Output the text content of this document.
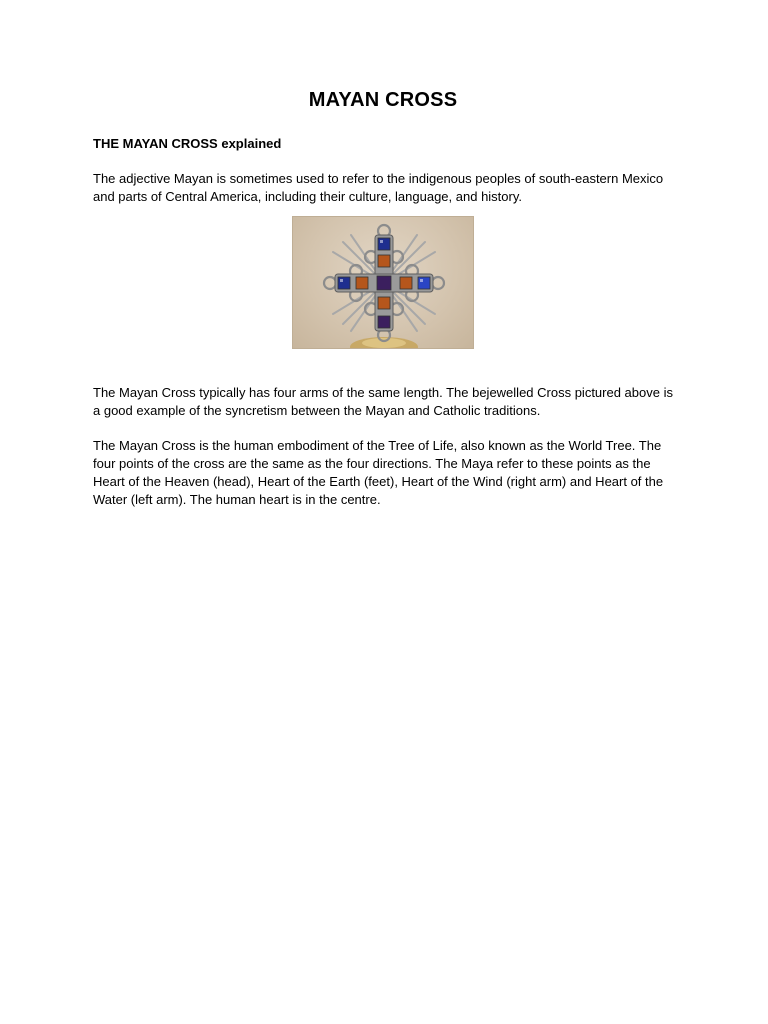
MAYAN CROSS

THE MAYAN CROSS explained

The adjective Mayan is sometimes used to refer to the indigenous peoples of south-eastern Mexico and parts of Central America, including their culture, language, and history.

The Mayan Cross typically has four arms of the same length. The bejewelled Cross pictured above is a good example of the syncretism between the Mayan and Catholic traditions.

The Mayan Cross is the human embodiment of the Tree of Life, also known as the World Tree. The four points of the cross are the same as the four directions. The Maya refer to these points as the Heart of the Heaven (head), Heart of the Earth (feet), Heart of the Wind (right arm) and Heart of the Water (left arm). The human heart is in the centre.
